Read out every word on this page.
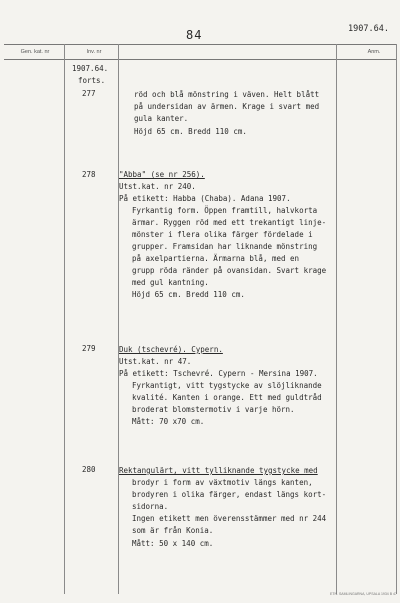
84	1907.64.
Gen. kat. nr	Inv. nr	Anm.
1907.64.
forts.
277	röd och blå mönstring i väven. Helt blått
på undersidan av ärmen. Krage i svart med
gula kanter.
Höjd 65 cm. Bredd 110 cm.
278	"Abba" (se nr 256).
Utst.kat. nr 240.
På etikett: Habba (Chaba). Adana 1907.
Fyrkantig form. Öppen framtill, halvkorta
ärmar. Ryggen röd med ett trekantigt linje-
mönster i flera olika färger fördelade i
grupper. Framsidan har liknande mönstring
på axelpartierna. Ärmarna blå, med en
grupp röda ränder på ovansidan. Svart krage
med gul kantning.
Höjd 65 cm. Bredd 110 cm.
279	Duk (tschevré). Cypern.
Utst.kat. nr 47.
På etikett: Tschevré. Cypern - Mersina 1907.
Fyrkantigt, vitt tygstycke av slöjliknande
kvalité. Kanten i orange. Ett med guldtråd
broderat blomstermotiv i varje hörn.
Mått: 70 x70 cm.
280	Rektangulärt, vitt tylliknande tygstycke med
brodyr i form av växtmotiv längs kanten,
brodyren i olika färger, endast längs kort-
sidorna.
Ingen etikett men överensstämmer med nr 244
som är från Konia.
Mått: 50 x 140 cm.
ETN. SAMLINGARNA, UPSALA 1934 B 47
